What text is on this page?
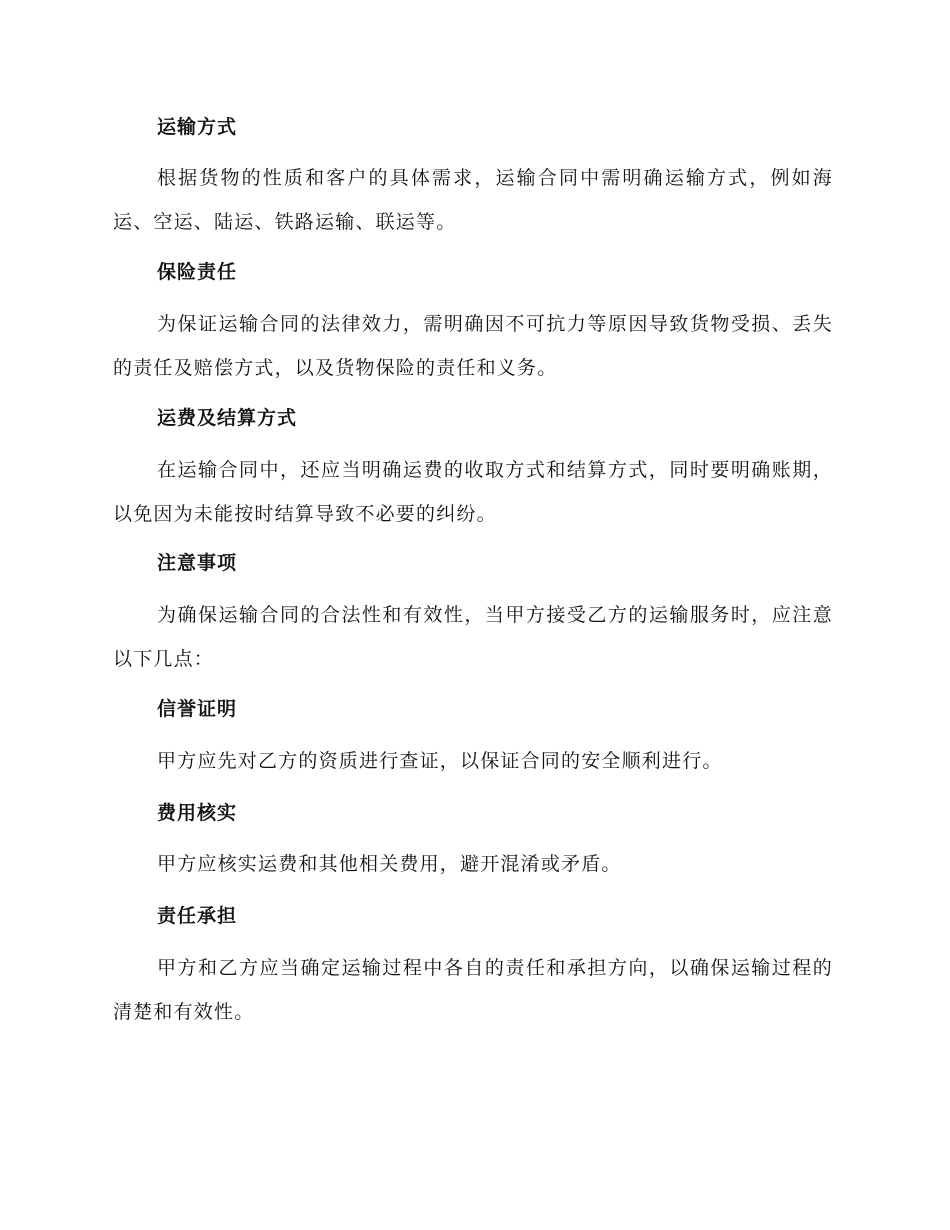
运输方式
根据货物的性质和客户的具体需求，运输合同中需明确运输方式，例如海运、空运、陆运、铁路运输、联运等。
保险责任
为保证运输合同的法律效力，需明确因不可抗力等原因导致货物受损、丢失的责任及赔偿方式，以及货物保险的责任和义务。
运费及结算方式
在运输合同中，还应当明确运费的收取方式和结算方式，同时要明确账期，以免因为未能按时结算导致不必要的纠纷。
注意事项
为确保运输合同的合法性和有效性，当甲方接受乙方的运输服务时，应注意以下几点：
信誉证明
甲方应先对乙方的资质进行查证，以保证合同的安全顺利进行。
费用核实
甲方应核实运费和其他相关费用，避开混淆或矛盾。
责任承担
甲方和乙方应当确定运输过程中各自的责任和承担方向，以确保运输过程的清楚和有效性。
